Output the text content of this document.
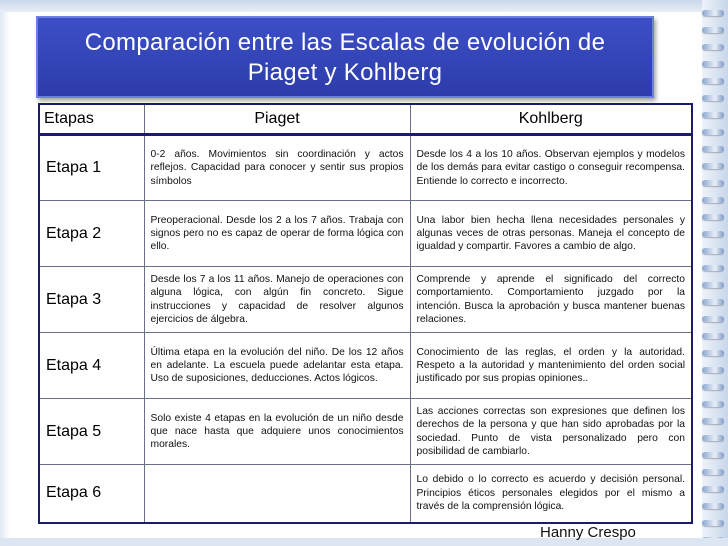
Comparación entre las Escalas de evolución de
Piaget y Kohlberg
Etapas	Piaget	Kohlberg
Etapa 1	0-2 años. Movimientos sin coordinación y actos reflejos. Capacidad para conocer y sentir sus propios símbolos	Desde los 4 a los 10 años. Observan ejemplos y modelos de los demás para evitar castigo o conseguir recompensa. Entiende lo correcto e incorrecto.
Etapa 2	Preoperacional. Desde los 2 a los 7 años. Trabaja con signos pero no es capaz de operar de forma lógica con ello.	Una labor bien hecha llena necesidades personales y algunas veces de otras personas. Maneja el concepto de igualdad y compartir. Favores a cambio de algo.
Etapa 3	Desde los 7 a los 11 años. Manejo de operaciones con alguna lógica, con algún fin concreto. Sigue instrucciones y capacidad de resolver algunos ejercicios de álgebra.	Comprende y aprende el significado del correcto comportamiento. Comportamiento juzgado por la intención. Busca la aprobación y busca mantener buenas relaciones.
Etapa 4	Última etapa en la evolución del niño. De los 12 años en adelante. La escuela puede adelantar esta etapa. Uso de suposiciones, deducciones. Actos lógicos.	Conocimiento de las reglas, el orden y la autoridad. Respeto a la autoridad y mantenimiento del orden social justificado por sus propias opiniones..
Etapa 5	Solo existe 4 etapas en la evolución de un niño desde que nace hasta que adquiere unos conocimientos morales.	Las acciones correctas son expresiones que definen los derechos de la persona y que han sido aprobadas por la sociedad. Punto de vista personalizado pero con posibilidad de cambiarlo.
Etapa 6		Lo debido o lo correcto es acuerdo y decisión personal. Principios éticos personales elegidos por el mismo a través de la comprensión lógica.
Hanny Crespo
